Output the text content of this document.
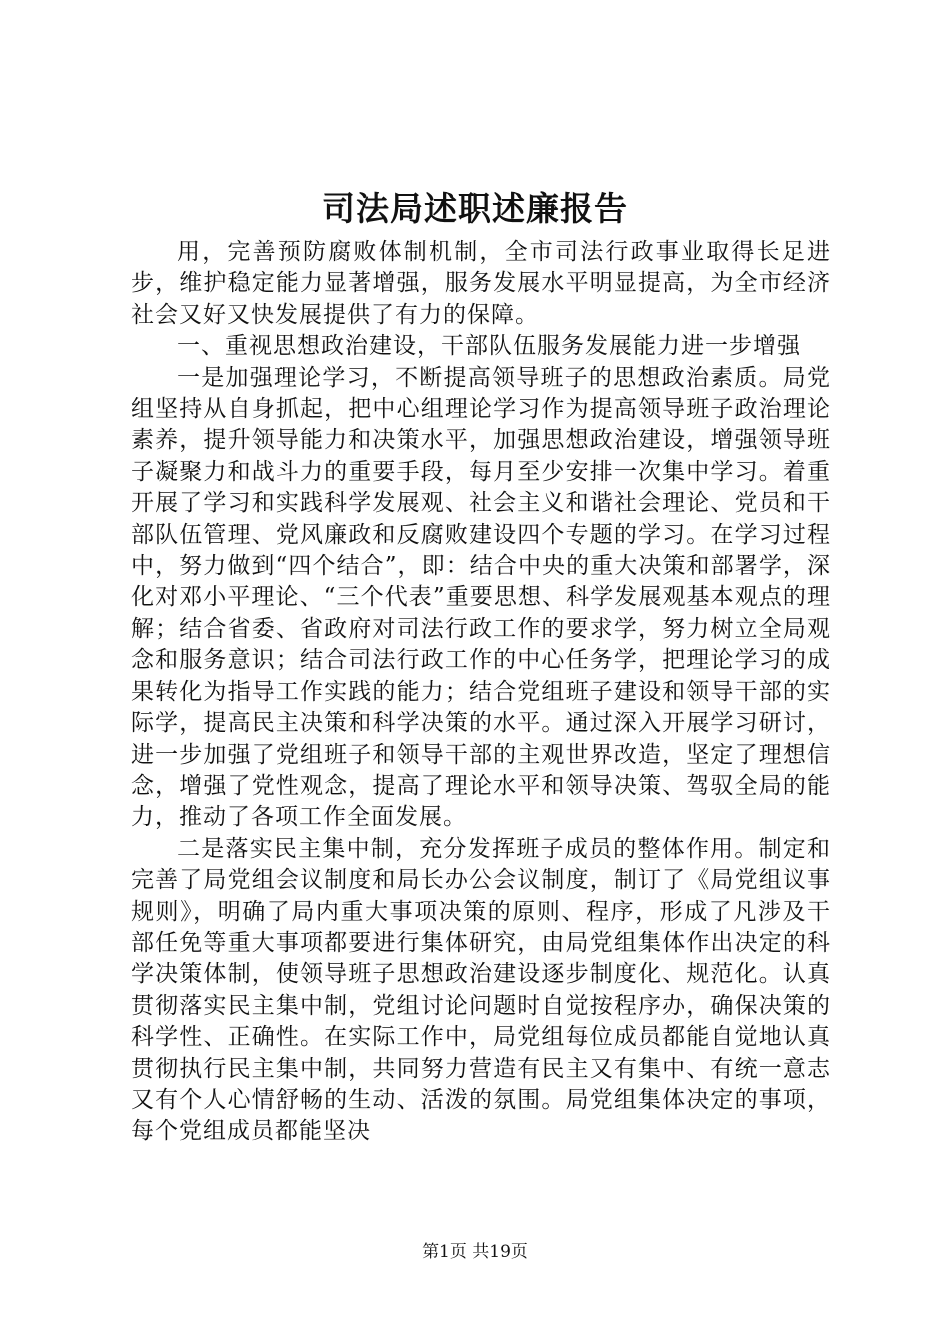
司法局述职述廉报告

用，完善预防腐败体制机制，全市司法行政事业取得长足进步，维护稳定能力显著增强，服务发展水平明显提高，为全市经济社会又好又快发展提供了有力的保障。

一、重视思想政治建设，干部队伍服务发展能力进一步增强

一是加强理论学习，不断提高领导班子的思想政治素质。局党组坚持从自身抓起，把中心组理论学习作为提高领导班子政治理论素养，提升领导能力和决策水平，加强思想政治建设，增强领导班子凝聚力和战斗力的重要手段，每月至少安排一次集中学习。着重开展了学习和实践科学发展观、社会主义和谐社会理论、党员和干部队伍管理、党风廉政和反腐败建设四个专题的学习。在学习过程中，努力做到“四个结合”，即：结合中央的重大决策和部署学，深化对邓小平理论、“三个代表”重要思想、科学发展观基本观点的理解；结合省委、省政府对司法行政工作的要求学，努力树立全局观念和服务意识；结合司法行政工作的中心任务学，把理论学习的成果转化为指导工作实践的能力；结合党组班子建设和领导干部的实际学，提高民主决策和科学决策的水平。通过深入开展学习研讨，进一步加强了党组班子和领导干部的主观世界改造，坚定了理想信念，增强了党性观念，提高了理论水平和领导决策、驾驭全局的能力，推动了各项工作全面发展。

二是落实民主集中制，充分发挥班子成员的整体作用。制定和完善了局党组会议制度和局长办公会议制度，制订了《局党组议事规则》，明确了局内重大事项决策的原则、程序，形成了凡涉及干部任免等重大事项都要进行集体研究，由局党组集体作出决定的科学决策体制，使领导班子思想政治建设逐步制度化、规范化。认真贯彻落实民主集中制，党组讨论问题时自觉按程序办，确保决策的科学性、正确性。在实际工作中，局党组每位成员都能自觉地认真贯彻执行民主集中制，共同努力营造有民主又有集中、有统一意志又有个人心情舒畅的生动、活泼的氛围。局党组集体决定的事项，每个党组成员都能坚决

第1页 共19页
